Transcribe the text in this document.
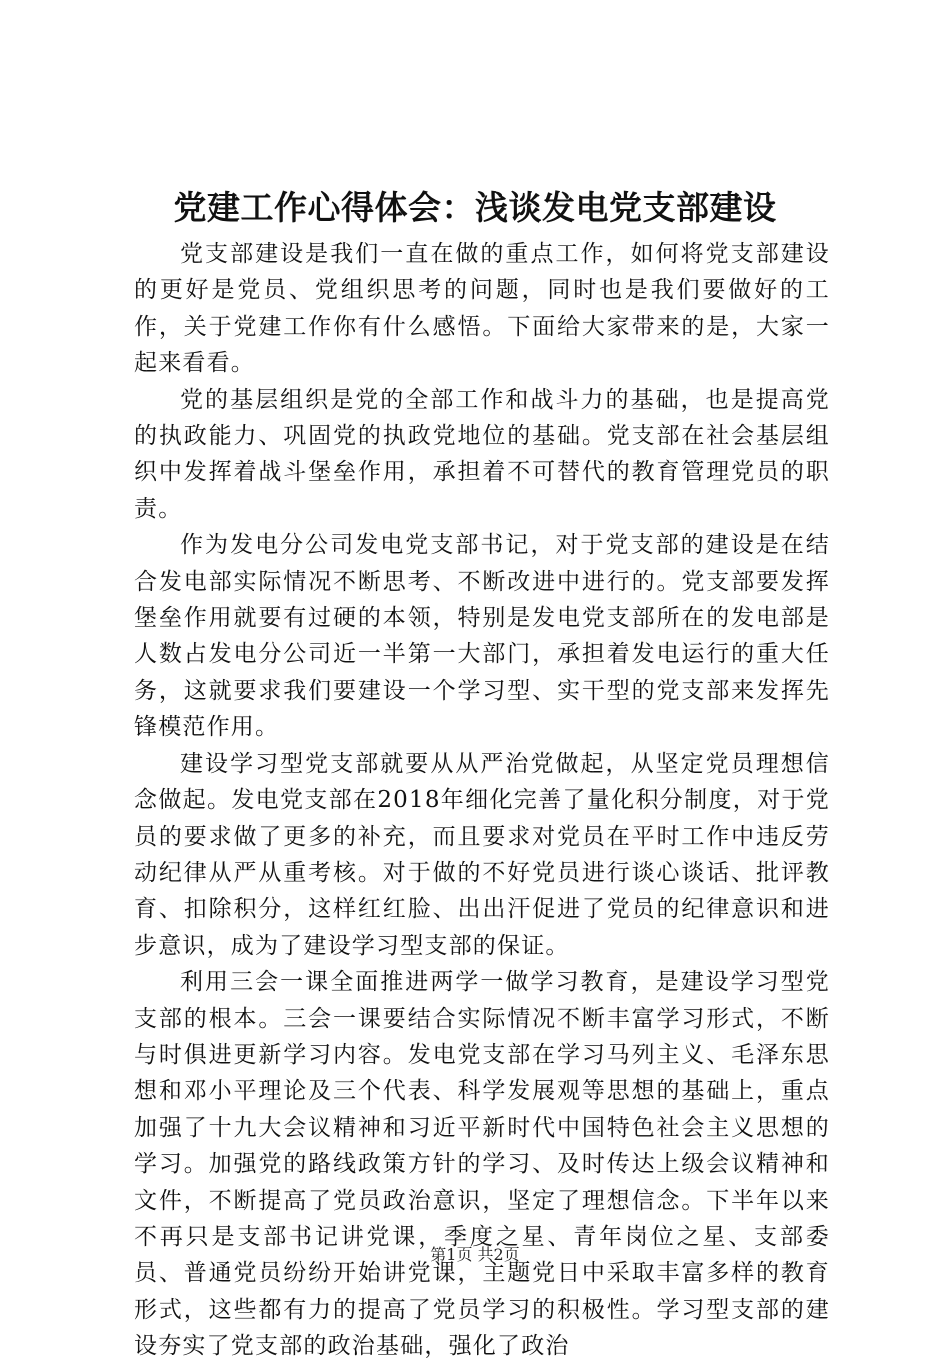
党建工作心得体会：浅谈发电党支部建设

党支部建设是我们一直在做的重点工作，如何将党支部建设的更好是党员、党组织思考的问题，同时也是我们要做好的工作，关于党建工作你有什么感悟。下面给大家带来的是，大家一起来看看。

党的基层组织是党的全部工作和战斗力的基础，也是提高党的执政能力、巩固党的执政党地位的基础。党支部在社会基层组织中发挥着战斗堡垒作用，承担着不可替代的教育管理党员的职责。

作为发电分公司发电党支部书记，对于党支部的建设是在结合发电部实际情况不断思考、不断改进中进行的。党支部要发挥堡垒作用就要有过硬的本领，特别是发电党支部所在的发电部是人数占发电分公司近一半第一大部门，承担着发电运行的重大任务，这就要求我们要建设一个学习型、实干型的党支部来发挥先锋模范作用。

建设学习型党支部就要从从严治党做起，从坚定党员理想信念做起。发电党支部在2018年细化完善了量化积分制度，对于党员的要求做了更多的补充，而且要求对党员在平时工作中违反劳动纪律从严从重考核。对于做的不好党员进行谈心谈话、批评教育、扣除积分，这样红红脸、出出汗促进了党员的纪律意识和进步意识，成为了建设学习型支部的保证。

利用三会一课全面推进两学一做学习教育，是建设学习型党支部的根本。三会一课要结合实际情况不断丰富学习形式，不断与时俱进更新学习内容。发电党支部在学习马列主义、毛泽东思想和邓小平理论及三个代表、科学发展观等思想的基础上，重点加强了十九大会议精神和习近平新时代中国特色社会主义思想的学习。加强党的路线政策方针的学习、及时传达上级会议精神和文件，不断提高了党员政治意识，坚定了理想信念。下半年以来不再只是支部书记讲党课，季度之星、青年岗位之星、支部委员、普通党员纷纷开始讲党课，主题党日中采取丰富多样的教育形式，这些都有力的提高了党员学习的积极性。学习型支部的建设夯实了党支部的政治基础，强化了政治

第1页 共2页
